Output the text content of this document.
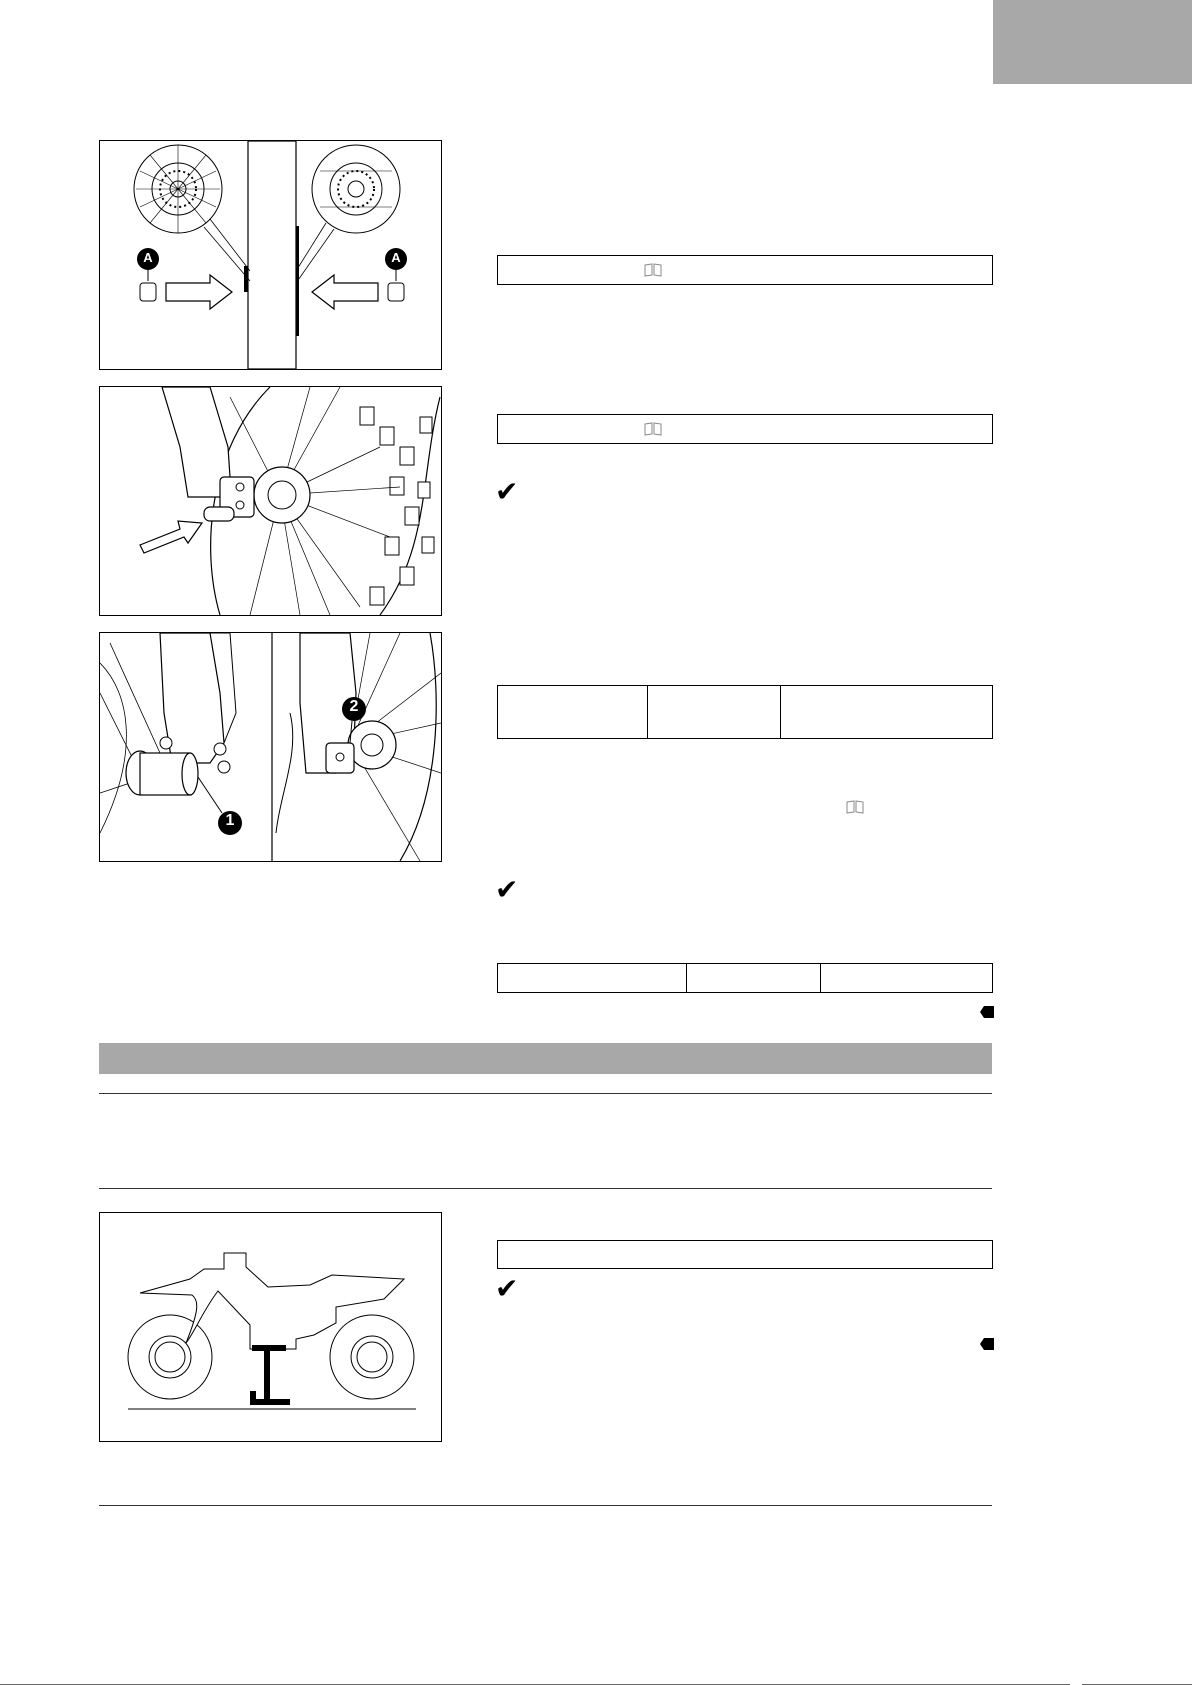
A	A
1
2
✔
✔
✔
